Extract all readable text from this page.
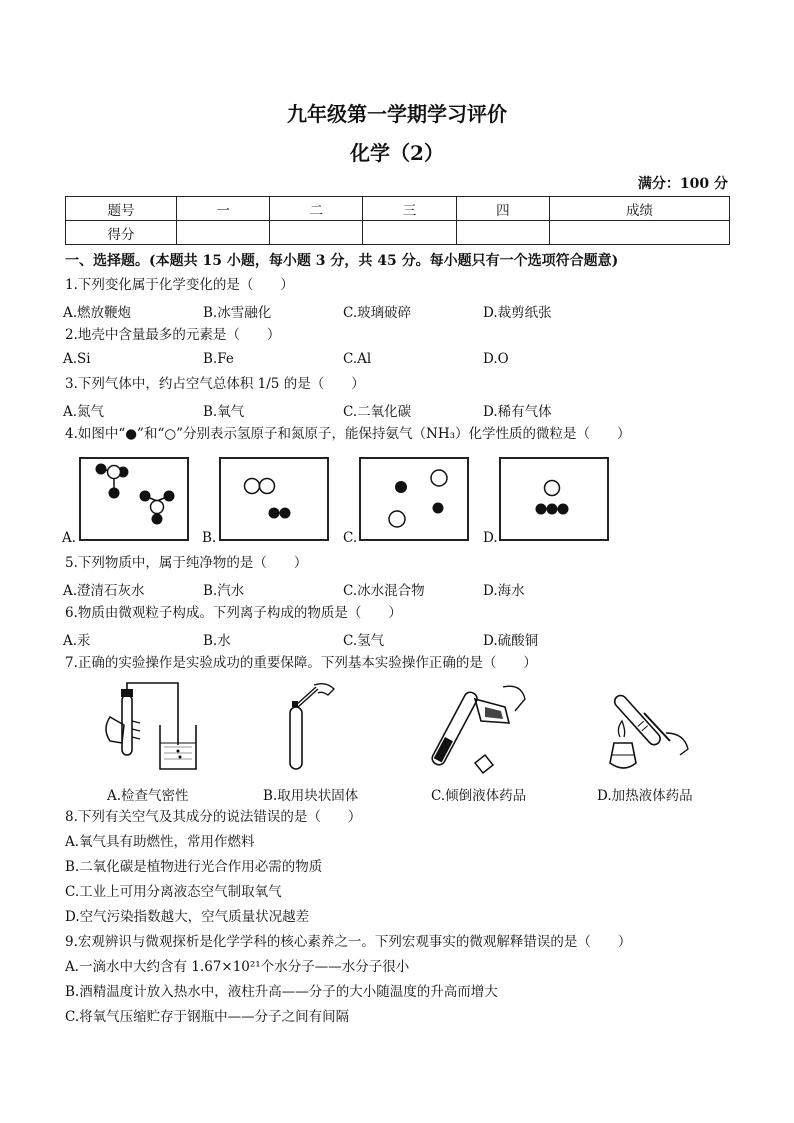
九年级第一学期学习评价
化学（2）
满分：100 分
题号	一	二	三	四	成绩
得分					
一、选择题。(本题共 15 小题，每小题 3 分，共 45 分。每小题只有一个选项符合题意)
1.下列变化属于化学变化的是（　　）
A.燃放鞭炮	B.冰雪融化	C.玻璃破碎	D.裁剪纸张
2.地壳中含量最多的元素是（　　）
A.Si	B.Fe	C.Al	D.O
3.下列气体中，约占空气总体积 1/5 的是（　　）
A.氮气	B.氧气	C.二氧化碳	D.稀有气体
4.如图中“●”和“○”分别表示氢原子和氮原子，能保持氨气（NH₃）化学性质的微粒是（　　）
A.	B.	C.	D.
5.下列物质中，属于纯净物的是（　　）
A.澄清石灰水	B.汽水	C.冰水混合物	D.海水
6.物质由微观粒子构成。下列离子构成的物质是（　　）
A.汞	B.水	C.氢气	D.硫酸铜
7.正确的实验操作是实验成功的重要保障。下列基本实验操作正确的是（　　）
A.检查气密性	B.取用块状固体	C.倾倒液体药品	D.加热液体药品
8.下列有关空气及其成分的说法错误的是（　　）
A.氧气具有助燃性，常用作燃料
B.二氧化碳是植物进行光合作用必需的物质
C.工业上可用分离液态空气制取氧气
D.空气污染指数越大，空气质量状况越差
9.宏观辨识与微观探析是化学学科的核心素养之一。下列宏观事实的微观解释错误的是（　　）
A.一滴水中大约含有 1.67×10²¹个水分子——水分子很小
B.酒精温度计放入热水中，液柱升高——分子的大小随温度的升高而增大
C.将氧气压缩贮存于钢瓶中——分子之间有间隔
